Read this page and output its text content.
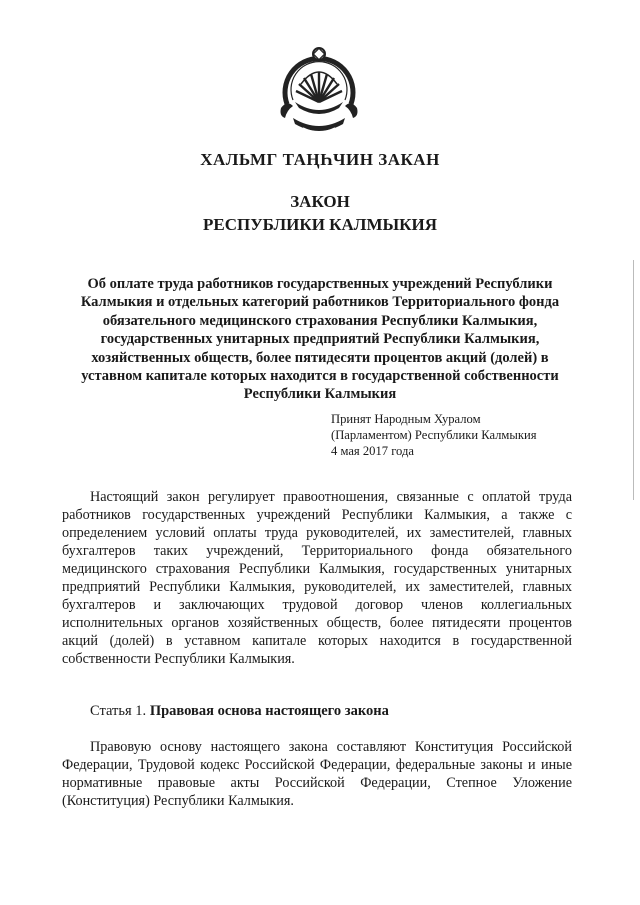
ХАЛЬМГ ТАҢҺЧИН ЗАКАН
ЗАКОН
РЕСПУБЛИКИ КАЛМЫКИЯ
Об оплате труда работников государственных учреждений Республики Калмыкия и отдельных категорий работников Территориального фонда обязательного медицинского страхования Республики Калмыкия, государственных унитарных предприятий Республики Калмыкия, хозяйственных обществ, более пятидесяти процентов акций (долей) в уставном капитале которых находится в государственной собственности Республики Калмыкия
Принят Народным Хуралом
(Парламентом) Республики Калмыкия
4 мая 2017 года

Настоящий закон регулирует правоотношения, связанные с оплатой труда работников государственных учреждений Республики Калмыкия, а также с определением условий оплаты труда руководителей, их заместителей, главных бухгалтеров таких учреждений, Территориального фонда обязательного медицинского страхования Республики Калмыкия, государственных унитарных предприятий Республики Калмыкия, руководителей, их заместителей, главных бухгалтеров и заключающих трудовой договор членов коллегиальных исполнительных органов хозяйственных обществ, более пятидесяти процентов акций (долей) в уставном капитале которых находится в государственной собственности Республики Калмыкия.

Статья 1. Правовая основа настоящего закона

Правовую основу настоящего закона составляют Конституция Российской Федерации, Трудовой кодекс Российской Федерации, федеральные законы и иные нормативные правовые акты Российской Федерации, Степное Уложение (Конституция) Республики Калмыкия.
